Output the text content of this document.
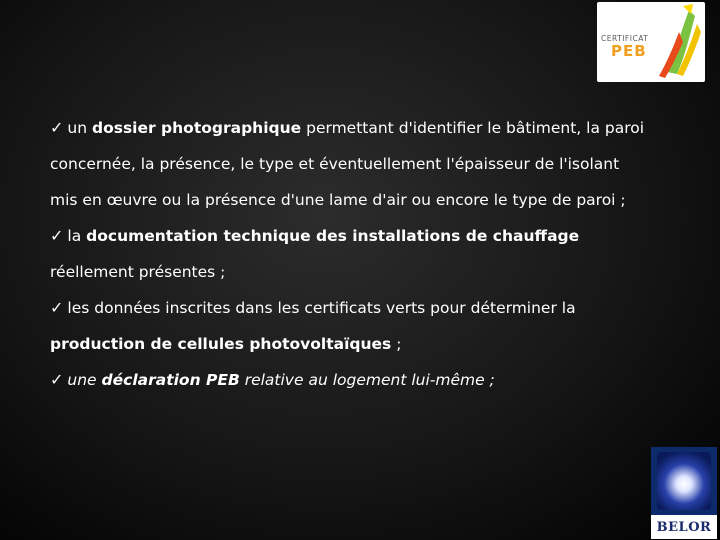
CERTIFICAT
PEB

✓ un dossier photographique permettant d'identifier le bâtiment, la paroi concernée, la présence, le type et éventuellement l'épaisseur de l'isolant mis en œuvre ou la présence d'une lame d'air ou encore le type de paroi ;

✓ la documentation technique des installations de chauffage réellement présentes ;

✓ les données inscrites dans les certificats verts pour déterminer la production de cellules photovoltaïques ;

✓ une déclaration PEB relative au logement lui-même ;

BELOR
